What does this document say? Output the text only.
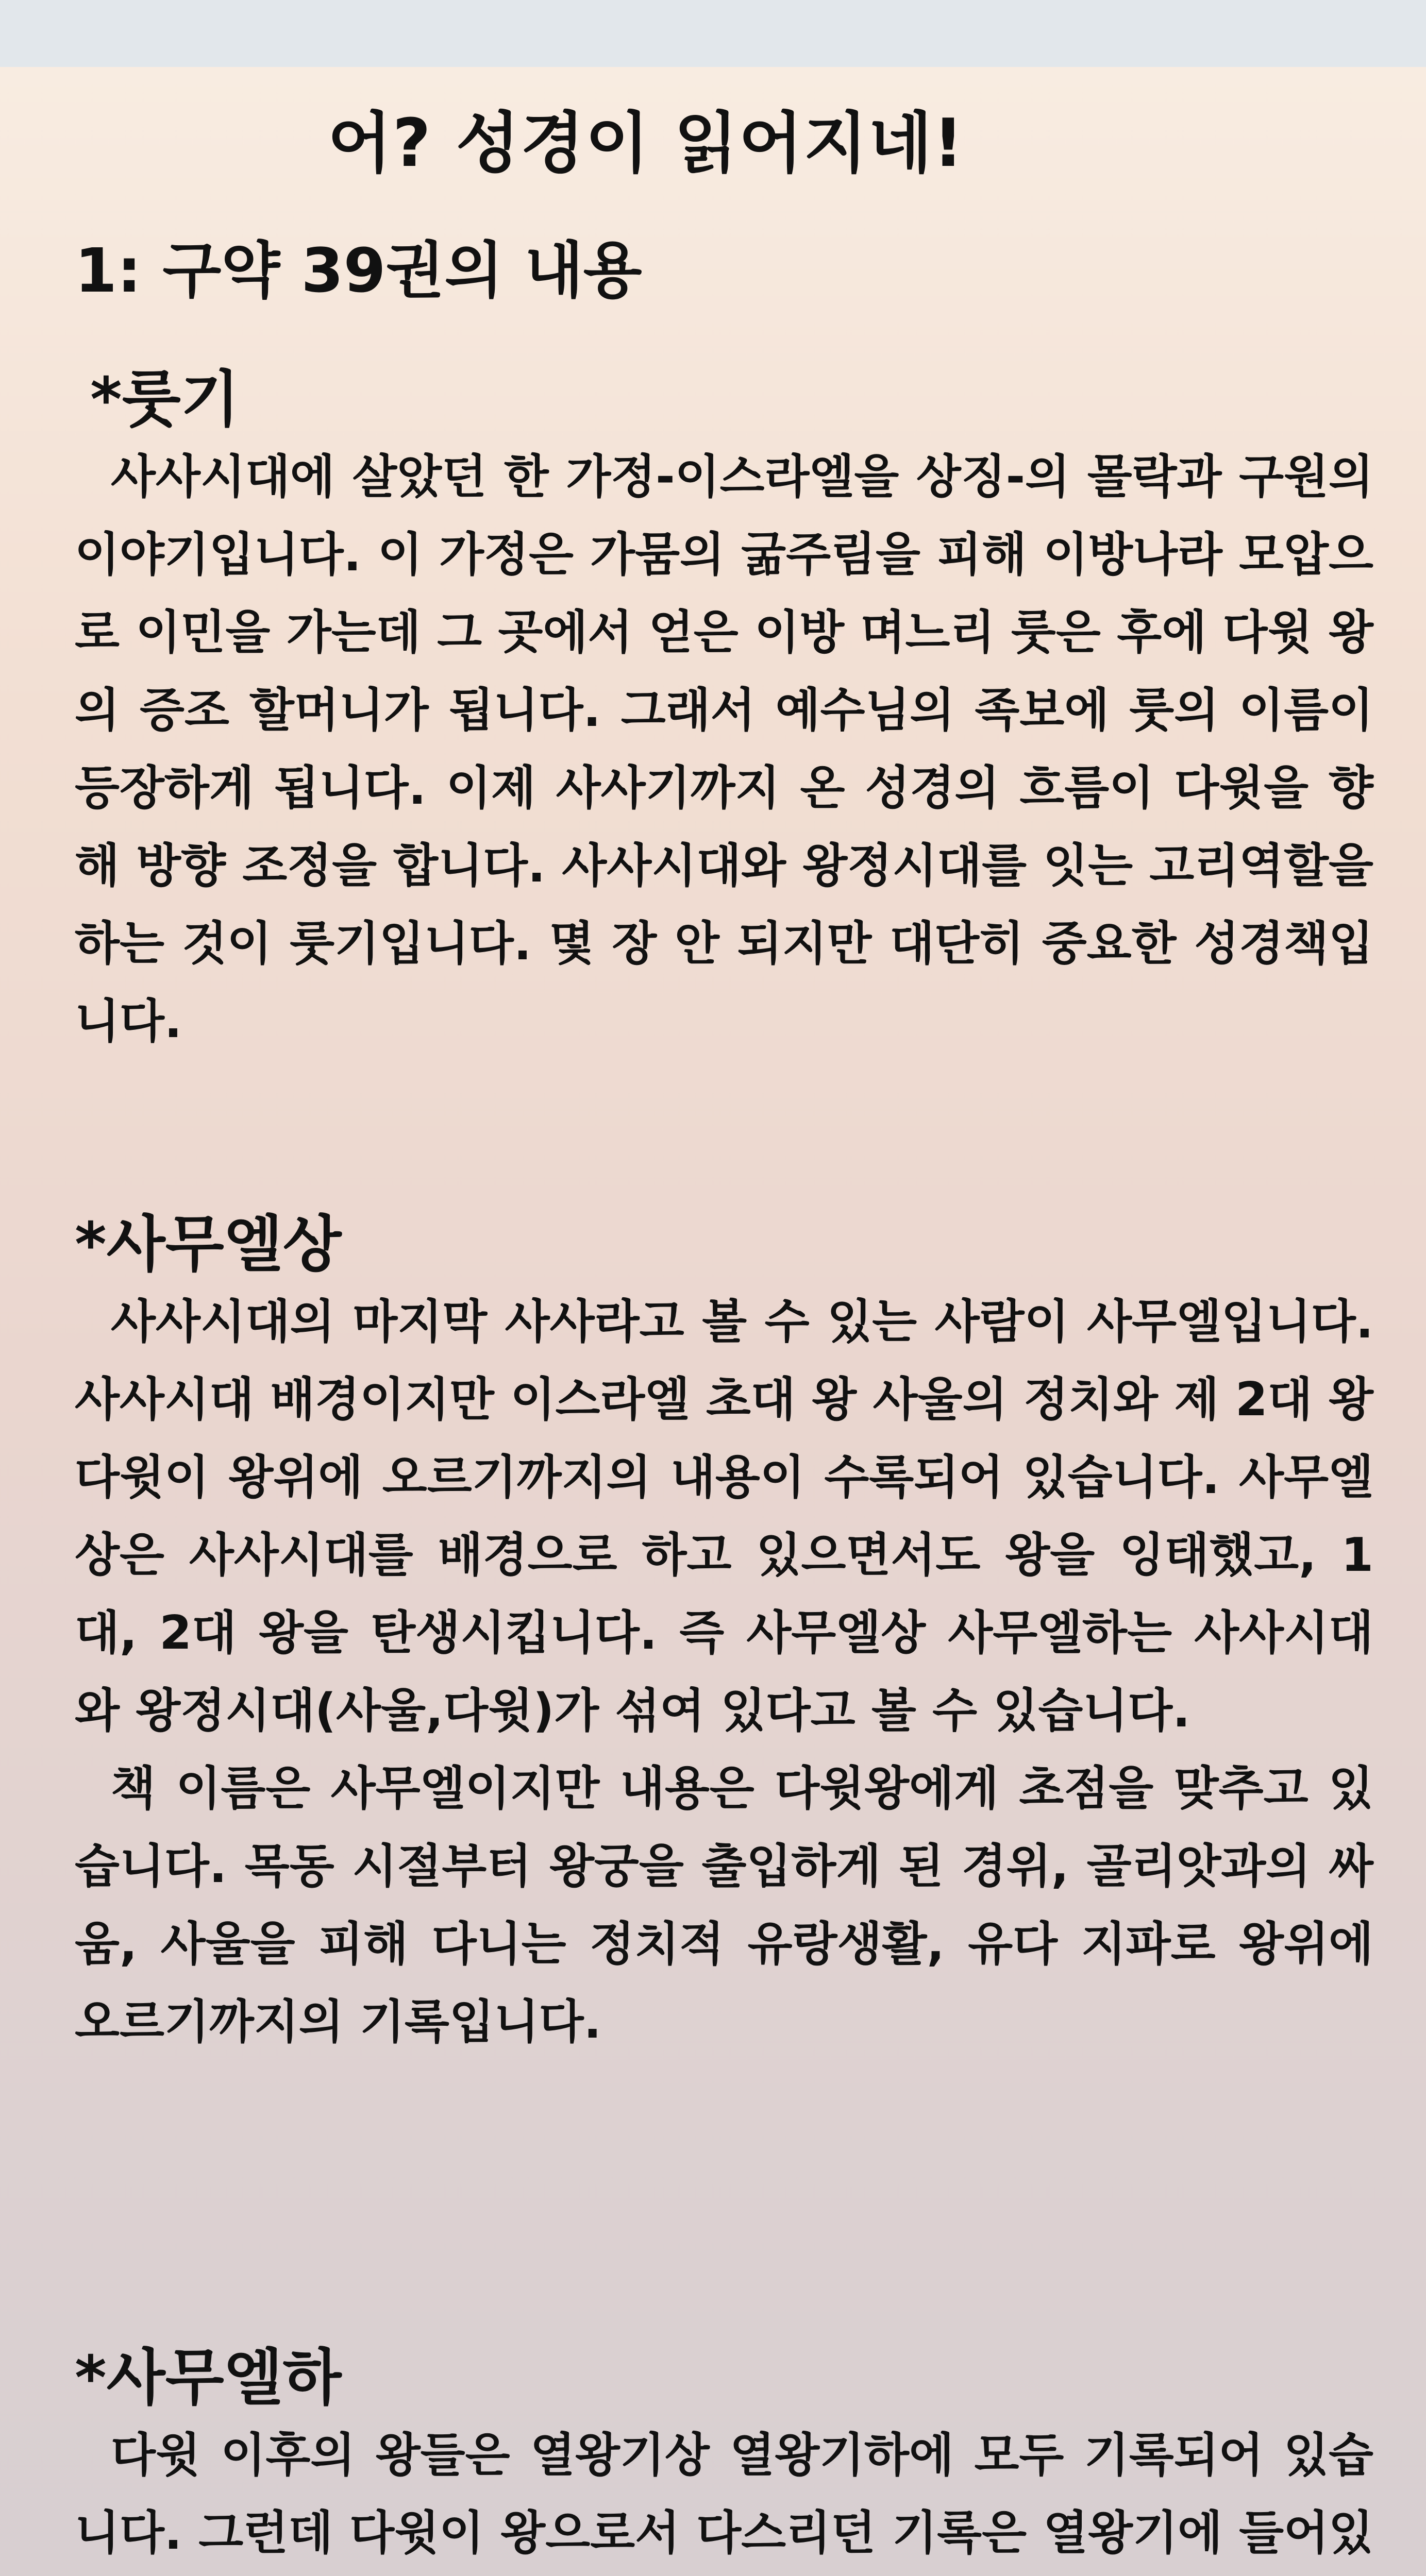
어? 성경이 읽어지네!
1: 구약 39권의 내용
*룻기

사사시대에 살았던 한 가정-이스라엘을 상징-의 몰락과 구원의 이야기입니다. 이 가정은 가뭄의 굶주림을 피해 이방나라 모압으로 이민을 가는데 그 곳에서 얻은 이방 며느리 룻은 후에 다윗 왕의 증조 할머니가 됩니다. 그래서 예수님의 족보에 룻의 이름이 등장하게 됩니다. 이제 사사기까지 온 성경의 흐름이 다윗을 향해 방향 조정을 합니다. 사사시대와 왕정시대를 잇는 고리역할을 하는 것이 룻기입니다. 몇 장 안 되지만 대단히 중요한 성경책입니다.

*사무엘상

사사시대의 마지막 사사라고 볼 수 있는 사람이 사무엘입니다. 사사시대 배경이지만 이스라엘 초대 왕 사울의 정치와 제 2대 왕 다윗이 왕위에 오르기까지의 내용이 수록되어 있습니다. 사무엘상은 사사시대를 배경으로 하고 있으면서도 왕을 잉태했고, 1대, 2대 왕을 탄생시킵니다. 즉 사무엘상 사무엘하는 사사시대와 왕정시대(사울,다윗)가 섞여 있다고 볼 수 있습니다.

책 이름은 사무엘이지만 내용은 다윗왕에게 초점을 맞추고 있습니다. 목동 시절부터 왕궁을 출입하게 된 경위, 골리앗과의 싸움, 사울을 피해 다니는 정치적 유랑생활, 유다 지파로 왕위에 오르기까지의 기록입니다.

*사무엘하

다윗 이후의 왕들은 열왕기상 열왕기하에 모두 기록되어 있습니다. 그런데 다윗이 왕으로서 다스리던 기록은 열왕기에 들어있
